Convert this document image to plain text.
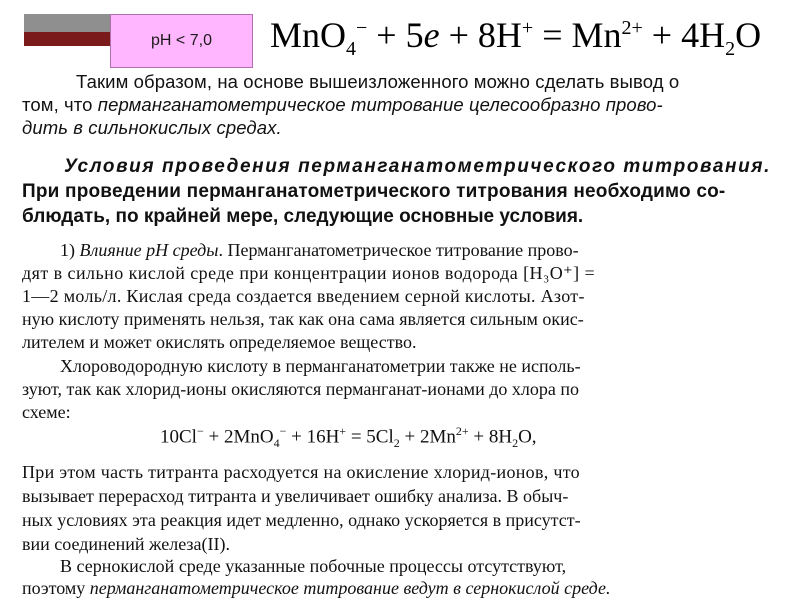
pH < 7,0 $MnO_4^- + 5e + 8H^+ = Mn^{2+} + 4H_2O$
Таким образом, на основе вышеизложенного можно сделать вывод о
том, что перманганатометрическое титрование целесообразно прово-
дить в сильнокислых средах.
Условия проведения перманганатометрического титрования.
При проведении перманганатометрического титрования необходимо со-
блюдать, по крайней мере, следующие основные условия.
1) Влияние pH среды. Перманганатометрическое титрование прово-
дят в сильно кислой среде при концентрации ионов водорода [H₃O⁺] =
1—2 моль/л. Кислая среда создается введением серной кислоты. Азот-
ную кислоту применять нельзя, так как она сама является сильным окис-
лителем и может окислять определяемое вещество.
Хлороводородную кислоту в перманганатометрии также не исполь-
зуют, так как хлорид-ионы окисляются перманганат-ионами до хлора по
схеме:
$10Cl^- + 2MnO_4^- + 16H^+ = 5Cl_2 + 2Mn^{2+} + 8H_2O$,
При этом часть титранта расходуется на окисление хлорид-ионов, что
вызывает перерасход титранта и увеличивает ошибку анализа. В обыч-
ных условиях эта реакция идет медленно, однако ускоряется в присутст-
вии соединений железа(II).
В сернокислой среде указанные побочные процессы отсутствуют,
поэтому перманганатометрическое титрование ведут в сернокислой среде.
